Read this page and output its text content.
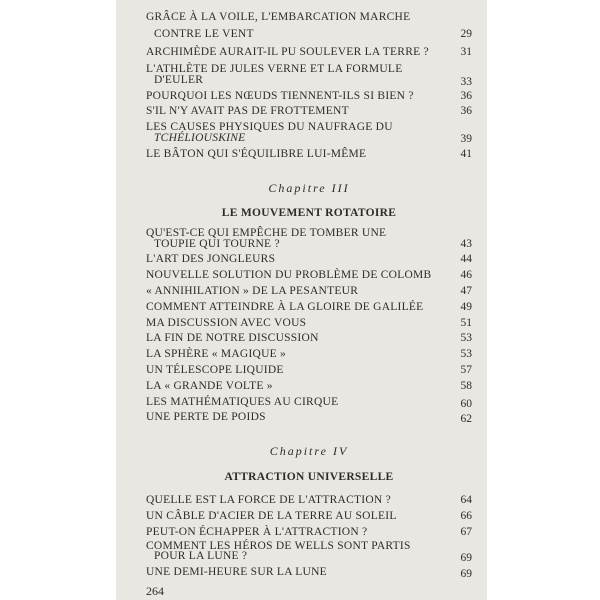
GRÂCE À LA VOILE, L'EMBARCATION MARCHE
CONTRE LE VENT	29
ARCHIMÈDE AURAIT-IL PU SOULEVER LA TERRE ?	31
L'ATHLÈTE DE JULES VERNE ET LA FORMULE
D'EULER	33
POURQUOI LES NŒUDS TIENNENT-ILS SI BIEN ?	36
S'IL N'Y AVAIT PAS DE FROTTEMENT	36
LES CAUSES PHYSIQUES DU NAUFRAGE DU
TCHÉLIOUSKINE	39
LE BÂTON QUI S'ÉQUILIBRE LUI-MÊME	41
Chapitre III
LE MOUVEMENT ROTATOIRE
QU'EST-CE QUI EMPÊCHE DE TOMBER UNE
TOUPIE QUI TOURNE ?	43
L'ART DES JONGLEURS	44
NOUVELLE SOLUTION DU PROBLÈME DE COLOMB	46
« ANNIHILATION » DE LA PESANTEUR	47
COMMENT ATTEINDRE À LA GLOIRE DE GALILÉE	49
MA DISCUSSION AVEC VOUS	51
LA FIN DE NOTRE DISCUSSION	53
LA SPHÈRE « MAGIQUE »	53
UN TÉLESCOPE LIQUIDE	57
LA « GRANDE VOLTE »	58
LES MATHÉMATIQUES AU CIRQUE	60
UNE PERTE DE POIDS	62
Chapitre IV
ATTRACTION UNIVERSELLE
QUELLE EST LA FORCE DE L'ATTRACTION ?	64
UN CÂBLE D'ACIER DE LA TERRE AU SOLEIL	66
PEUT-ON ÉCHAPPER À L'ATTRACTION ?	67
COMMENT LES HÉROS DE WELLS SONT PARTIS
POUR LA LUNE ?	69
UNE DEMI-HEURE SUR LA LUNE	69
264
